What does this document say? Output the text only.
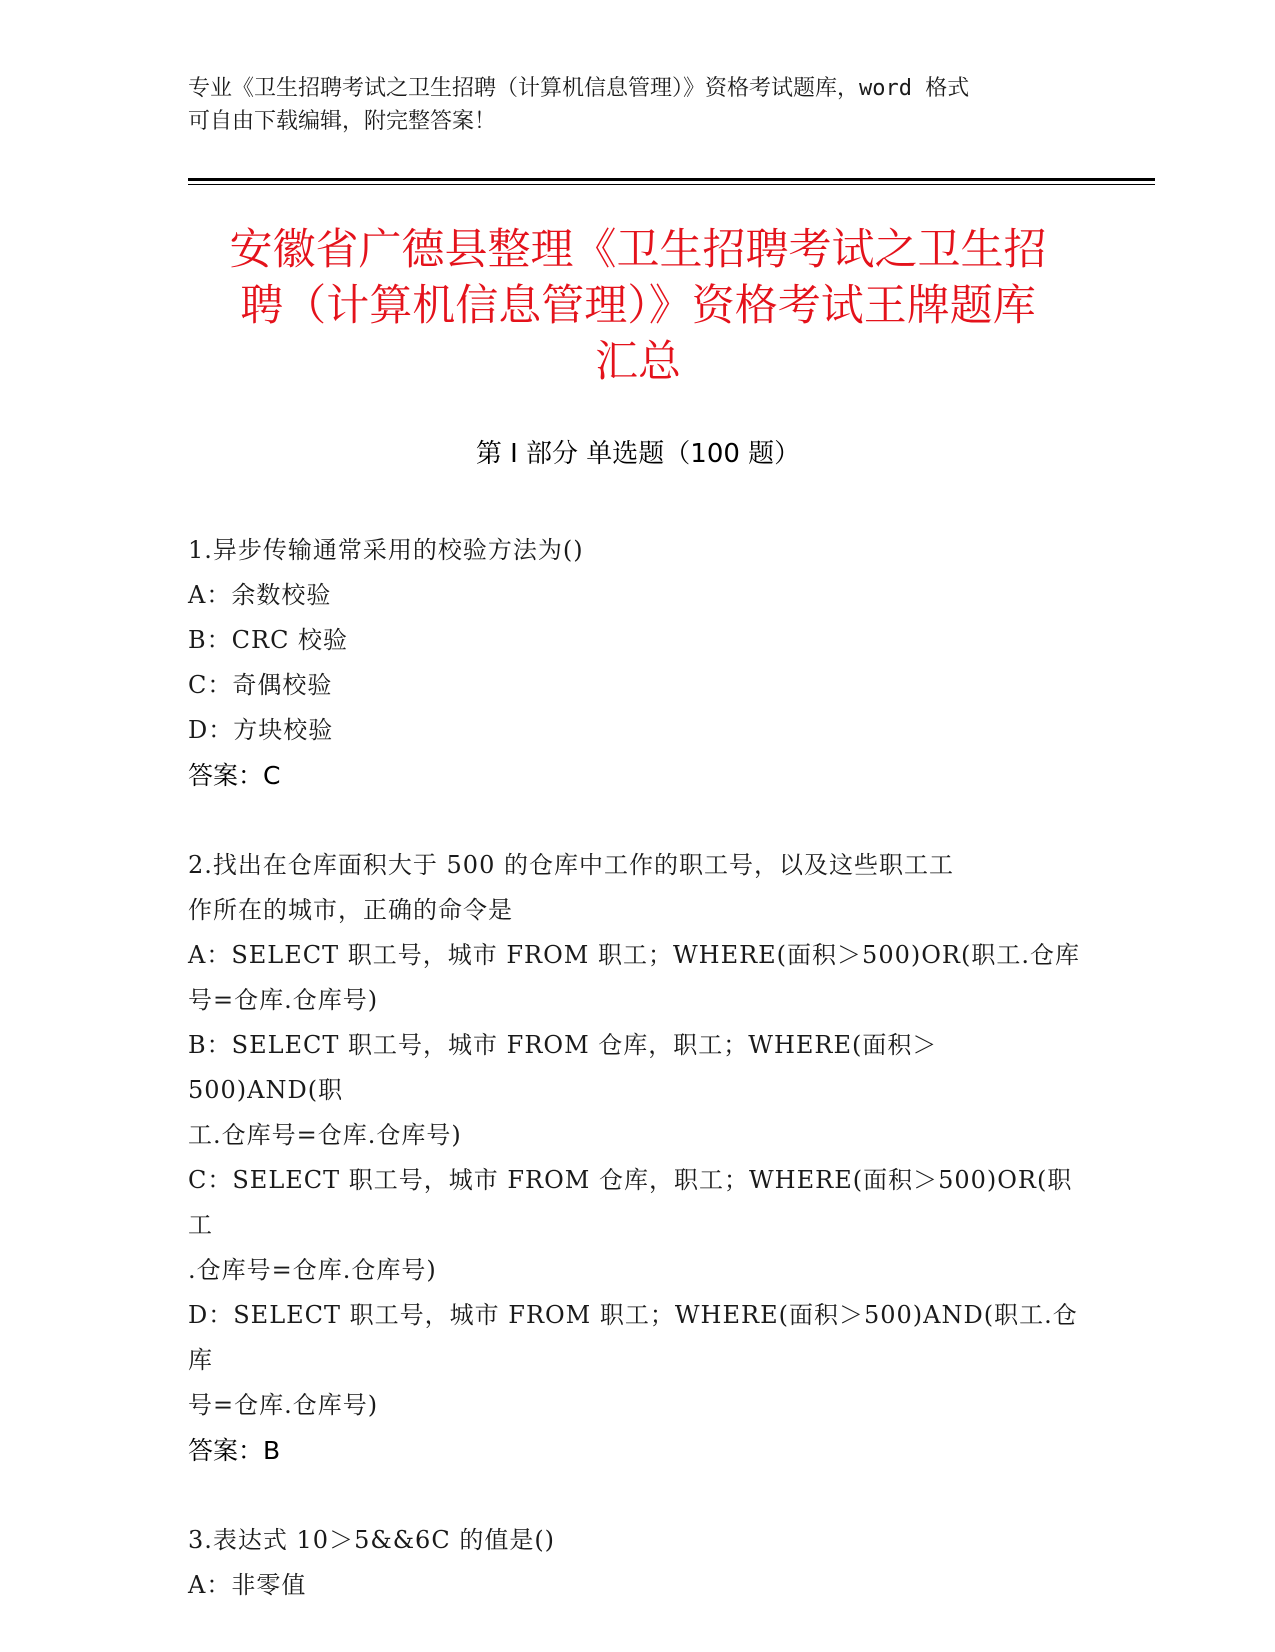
专业《卫生招聘考试之卫生招聘（计算机信息管理）》资格考试题库，word 格式
可自由下载编辑，附完整答案！
安徽省广德县整理《卫生招聘考试之卫生招
聘（计算机信息管理）》资格考试王牌题库
汇总
第 I 部分 单选题（100 题）

1.异步传输通常采用的校验方法为()

A：余数校验

B：CRC 校验

C：奇偶校验

D：方块校验

答案：C

2.找出在仓库面积大于 500 的仓库中工作的职工号，以及这些职工工

作所在的城市，正确的命令是

A：SELECT 职工号，城市 FROM 职工；WHERE(面积＞500)OR(职工.仓库

号=仓库.仓库号)

B：SELECT 职工号，城市 FROM 仓库，职工；WHERE(面积＞500)AND(职

工.仓库号=仓库.仓库号)

C：SELECT 职工号，城市 FROM 仓库，职工；WHERE(面积＞500)OR(职工

.仓库号=仓库.仓库号)

D：SELECT 职工号，城市 FROM 职工；WHERE(面积＞500)AND(职工.仓库

号=仓库.仓库号)

答案：B

3.表达式 10＞5&&6C 的值是()

A：非零值
